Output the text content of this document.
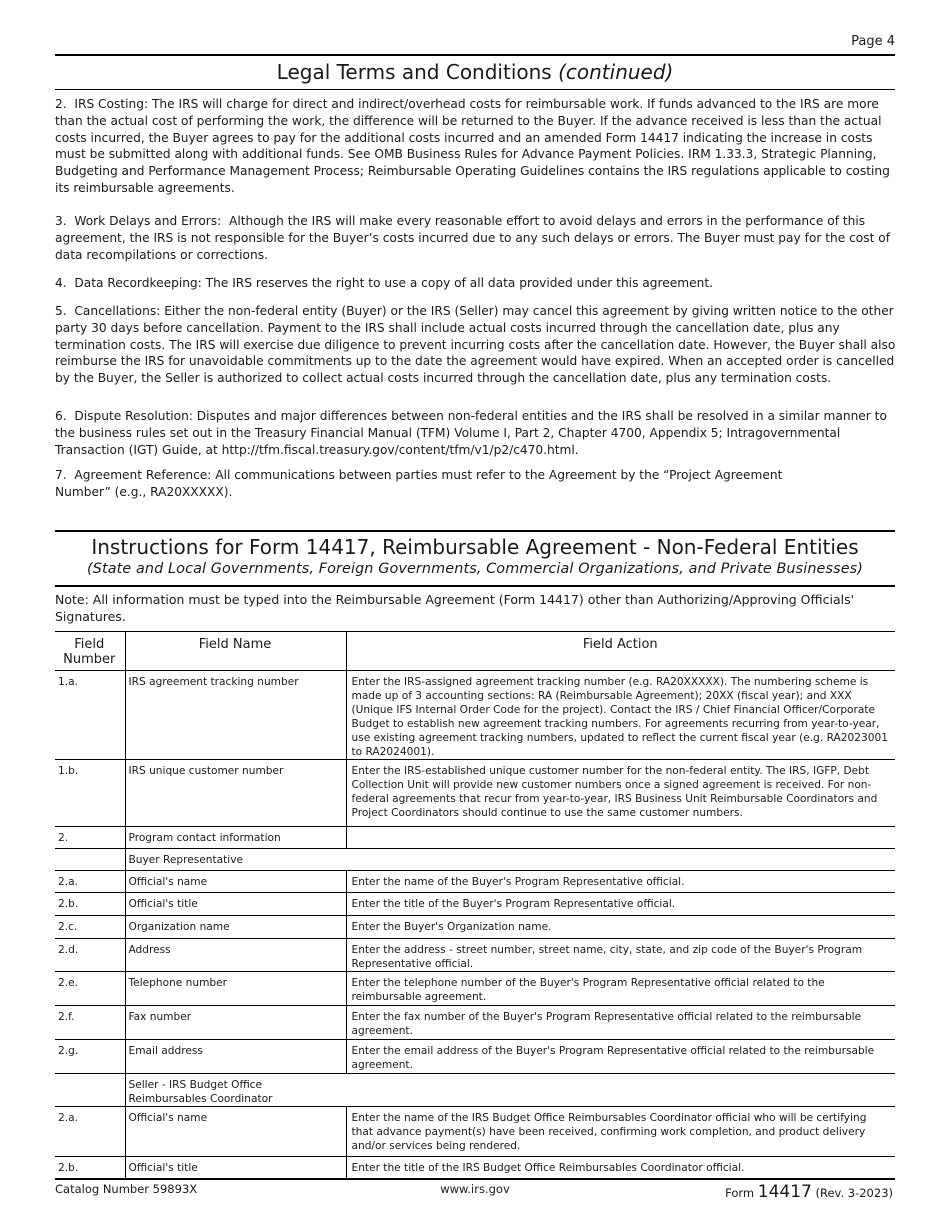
Page 4
Legal Terms and Conditions (continued)
2.  IRS Costing: The IRS will charge for direct and indirect/overhead costs for reimbursable work. If funds advanced to the IRS are more than the actual cost of performing the work, the difference will be returned to the Buyer. If the advance received is less than the actual costs incurred, the Buyer agrees to pay for the additional costs incurred and an amended Form 14417 indicating the increase in costs must be submitted along with additional funds. See OMB Business Rules for Advance Payment Policies. IRM 1.33.3, Strategic Planning, Budgeting and Performance Management Process; Reimbursable Operating Guidelines contains the IRS regulations applicable to costing its reimbursable agreements.
3.  Work Delays and Errors:  Although the IRS will make every reasonable effort to avoid delays and errors in the performance of this agreement, the IRS is not responsible for the Buyer’s costs incurred due to any such delays or errors. The Buyer must pay for the cost of data recompilations or corrections.
4.  Data Recordkeeping: The IRS reserves the right to use a copy of all data provided under this agreement.
5.  Cancellations: Either the non-federal entity (Buyer) or the IRS (Seller) may cancel this agreement by giving written notice to the other party 30 days before cancellation. Payment to the IRS shall include actual costs incurred through the cancellation date, plus any termination costs. The IRS will exercise due diligence to prevent incurring costs after the cancellation date. However, the Buyer shall also reimburse the IRS for unavoidable commitments up to the date the agreement would have expired. When an accepted order is cancelled by the Buyer, the Seller is authorized to collect actual costs incurred through the cancellation date, plus any termination costs.
6.  Dispute Resolution: Disputes and major differences between non-federal entities and the IRS shall be resolved in a similar manner to the business rules set out in the Treasury Financial Manual (TFM) Volume I, Part 2, Chapter 4700, Appendix 5; Intragovernmental Transaction (IGT) Guide, at http://tfm.fiscal.treasury.gov/content/tfm/v1/p2/c470.html.
7.  Agreement Reference: All communications between parties must refer to the Agreement by the “Project Agreement Number” (e.g., RA20XXXXX).
Instructions for Form 14417, Reimbursable Agreement - Non-Federal Entities
(State and Local Governments, Foreign Governments, Commercial Organizations, and Private Businesses)
Note: All information must be typed into the Reimbursable Agreement (Form 14417) other than Authorizing/Approving Officials' Signatures.
Field
Number	Field Name	Field Action
1.a.	IRS agreement tracking number	Enter the IRS-assigned agreement tracking number (e.g. RA20XXXXX). The numbering scheme is made up of 3 accounting sections: RA (Reimbursable Agreement); 20XX (fiscal year); and XXX (Unique IFS Internal Order Code for the project). Contact the IRS / Chief Financial Officer/Corporate Budget to establish new agreement tracking numbers. For agreements recurring from year-to-year, use existing agreement tracking numbers, updated to reflect the current fiscal year (e.g. RA2023001 to RA2024001).
1.b.	IRS unique customer number	Enter the IRS-established unique customer number for the non-federal entity. The IRS, IGFP, Debt Collection Unit will provide new customer numbers once a signed agreement is received. For non-federal agreements that recur from year-to-year, IRS Business Unit Reimbursable Coordinators and Project Coordinators should continue to use the same customer numbers.
2.	Program contact information	
	Buyer Representative	
2.a.	Official's name	Enter the name of the Buyer's Program Representative official.
2.b.	Official's title	Enter the title of the Buyer's Program Representative official.
2.c.	Organization name	Enter the Buyer's Organization name.
2.d.	Address	Enter the address - street number, street name, city, state, and zip code of the Buyer's Program Representative official.
2.e.	Telephone number	Enter the telephone number of the Buyer's Program Representative official related to the reimbursable agreement.
2.f.	Fax number	Enter the fax number of the Buyer's Program Representative official related to the reimbursable agreement.
2.g.	Email address	Enter the email address of the Buyer's Program Representative official related to the reimbursable agreement.
	Seller - IRS Budget Office
Reimbursables Coordinator	
2.a.	Official's name	Enter the name of the IRS Budget Office Reimbursables Coordinator official who will be certifying that advance payment(s) have been received, confirming work completion, and product delivery and/or services being rendered.
2.b.	Official's title	Enter the title of the IRS Budget Office Reimbursables Coordinator official.
Catalog Number 59893X	www.irs.gov	Form 14417 (Rev. 3-2023)
